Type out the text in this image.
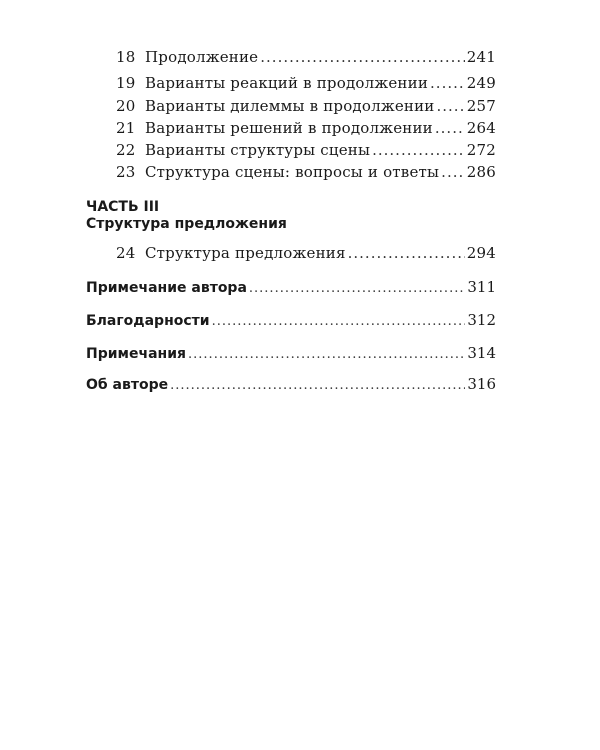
18 Продолжение .....	241
19 Варианты реакций в продолжении .....	249
20 Варианты дилеммы в продолжении ..... 257
21 Варианты решений в продолжении ..... 264
22 Варианты структуры сцены .....	272
23 Структура сцены: вопросы и ответы ..... 286
ЧАСТЬ III
Структура предложения
24 Структура предложения .....	294
Примечание автора .....	311
Благодарности .....	312
Примечания .....	314
Об авторе .....	316
